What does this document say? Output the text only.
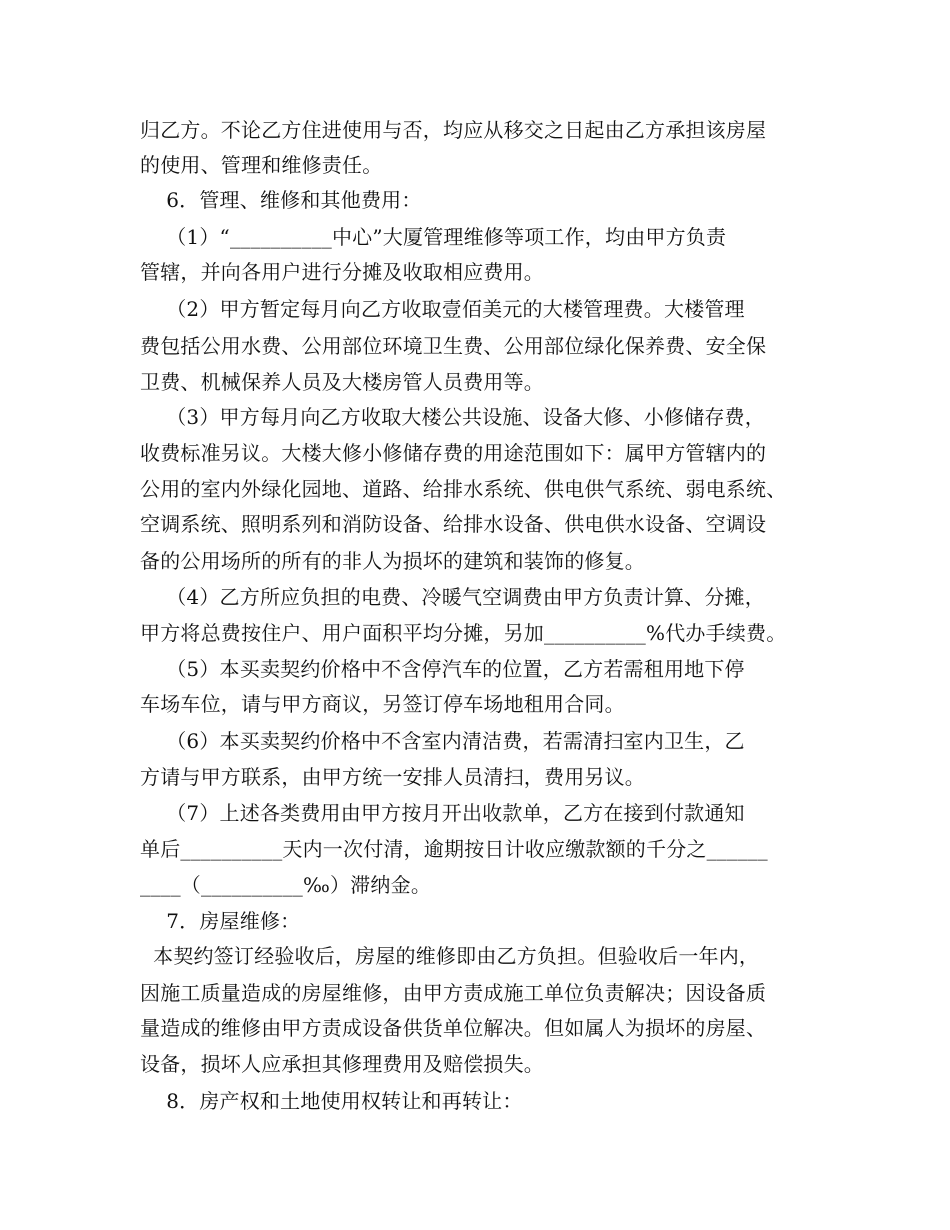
归乙方。不论乙方住进使用与否，均应从移交之日起由乙方承担该房屋
的使用、管理和维修责任。
6．管理、维修和其他费用：
（1）“__________中心”大厦管理维修等项工作，均由甲方负责
管辖，并向各用户进行分摊及收取相应费用。
（2）甲方暂定每月向乙方收取壹佰美元的大楼管理费。大楼管理
费包括公用水费、公用部位环境卫生费、公用部位绿化保养费、安全保
卫费、机械保养人员及大楼房管人员费用等。
（3）甲方每月向乙方收取大楼公共设施、设备大修、小修储存费，
收费标准另议。大楼大修小修储存费的用途范围如下：属甲方管辖内的
公用的室内外绿化园地、道路、给排水系统、供电供气系统、弱电系统、
空调系统、照明系列和消防设备、给排水设备、供电供水设备、空调设
备的公用场所的所有的非人为损坏的建筑和装饰的修复。
（4）乙方所应负担的电费、冷暖气空调费由甲方负责计算、分摊，
甲方将总费按住户、用户面积平均分摊，另加__________%代办手续费。
（5）本买卖契约价格中不含停汽车的位置，乙方若需租用地下停
车场车位，请与甲方商议，另签订停车场地租用合同。
（6）本买卖契约价格中不含室内清洁费，若需清扫室内卫生，乙
方请与甲方联系，由甲方统一安排人员清扫，费用另议。
（7）上述各类费用由甲方按月开出收款单，乙方在接到付款通知
单后__________天内一次付清，逾期按日计收应缴款额的千分之______
____（__________‰）滞纳金。
7．房屋维修：
本契约签订经验收后，房屋的维修即由乙方负担。但验收后一年内，
因施工质量造成的房屋维修，由甲方责成施工单位负责解决；因设备质
量造成的维修由甲方责成设备供货单位解决。但如属人为损坏的房屋、
设备，损坏人应承担其修理费用及赔偿损失。
8．房产权和土地使用权转让和再转让：
